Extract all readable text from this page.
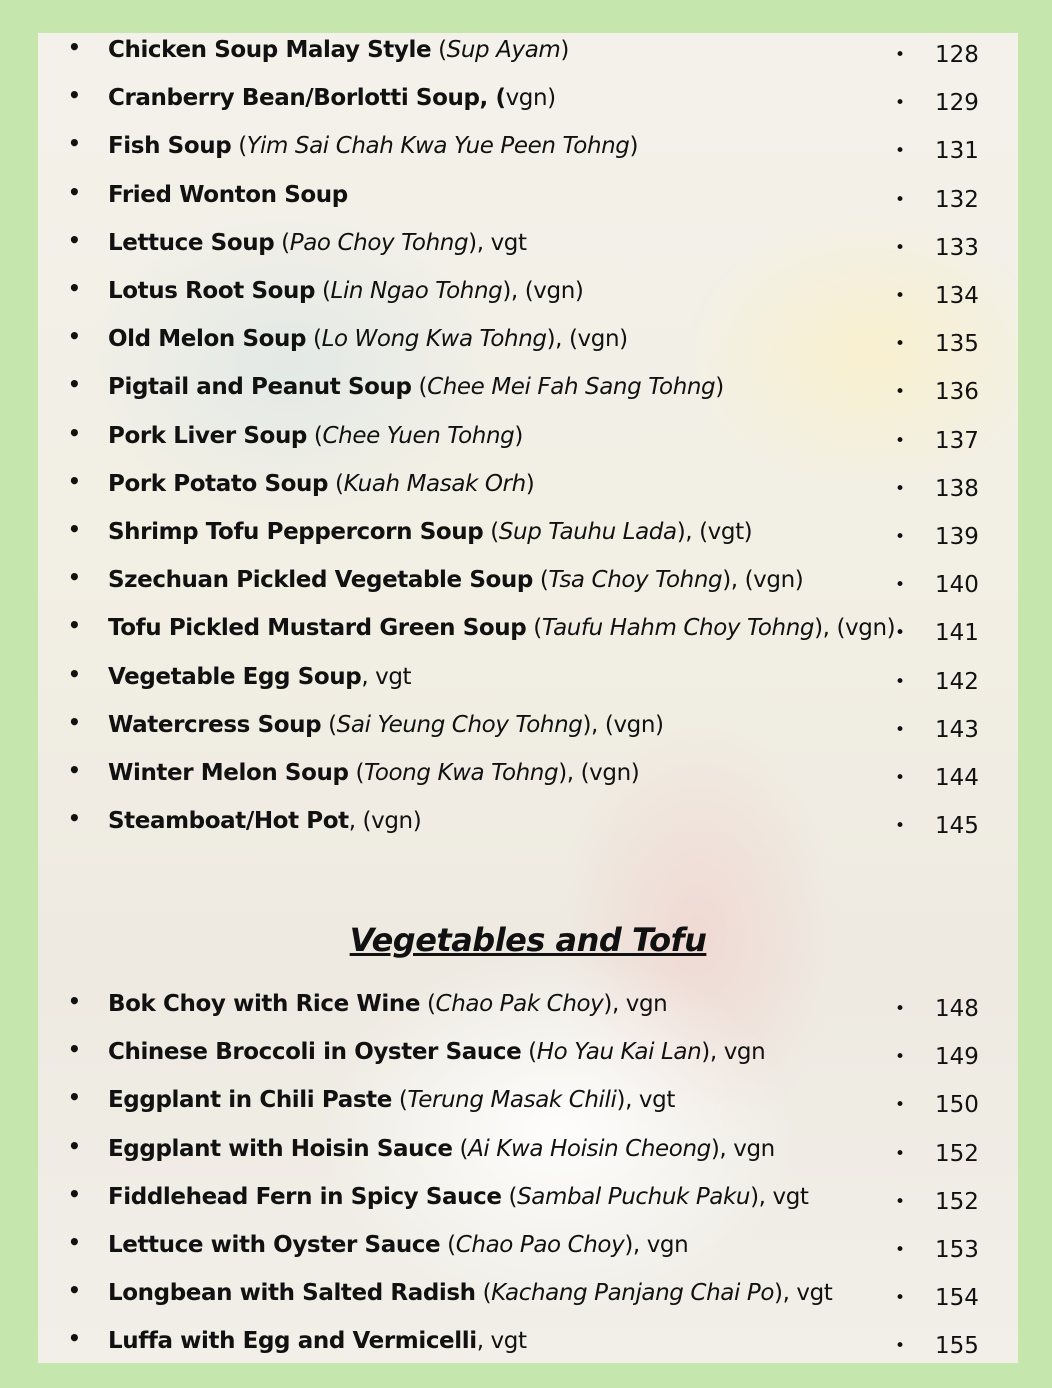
• Chicken Soup Malay Style (Sup Ayam)	• 128
• Cranberry Bean/Borlotti Soup, (vgn)	• 129
• Fish Soup (Yim Sai Chah Kwa Yue Peen Tohng)	• 131
• Fried Wonton Soup	• 132
• Lettuce Soup (Pao Choy Tohng), vgt	• 133
• Lotus Root Soup (Lin Ngao Tohng), (vgn)	• 134
• Old Melon Soup (Lo Wong Kwa Tohng), (vgn)	• 135
• Pigtail and Peanut Soup (Chee Mei Fah Sang Tohng)	• 136
• Pork Liver Soup (Chee Yuen Tohng)	• 137
• Pork Potato Soup (Kuah Masak Orh)	• 138
• Shrimp Tofu Peppercorn Soup (Sup Tauhu Lada), (vgt)	• 139
• Szechuan Pickled Vegetable Soup (Tsa Choy Tohng), (vgn)	• 140
• Tofu Pickled Mustard Green Soup (Taufu Hahm Choy Tohng), (vgn) • 141
• Vegetable Egg Soup, vgt	• 142
• Watercress Soup (Sai Yeung Choy Tohng), (vgn)	• 143
• Winter Melon Soup (Toong Kwa Tohng), (vgn)	• 144
• Steamboat/Hot Pot, (vgn)	• 145
Vegetables and Tofu
• Bok Choy with Rice Wine (Chao Pak Choy), vgn	• 148
• Chinese Broccoli in Oyster Sauce (Ho Yau Kai Lan), vgn	• 149
• Eggplant in Chili Paste (Terung Masak Chili), vgt	• 150
• Eggplant with Hoisin Sauce (Ai Kwa Hoisin Cheong), vgn	• 152
• Fiddlehead Fern in Spicy Sauce (Sambal Puchuk Paku), vgt	• 152
• Lettuce with Oyster Sauce (Chao Pao Choy), vgn	• 153
• Longbean with Salted Radish (Kachang Panjang Chai Po), vgt	• 154
• Luffa with Egg and Vermicelli, vgt	• 155
